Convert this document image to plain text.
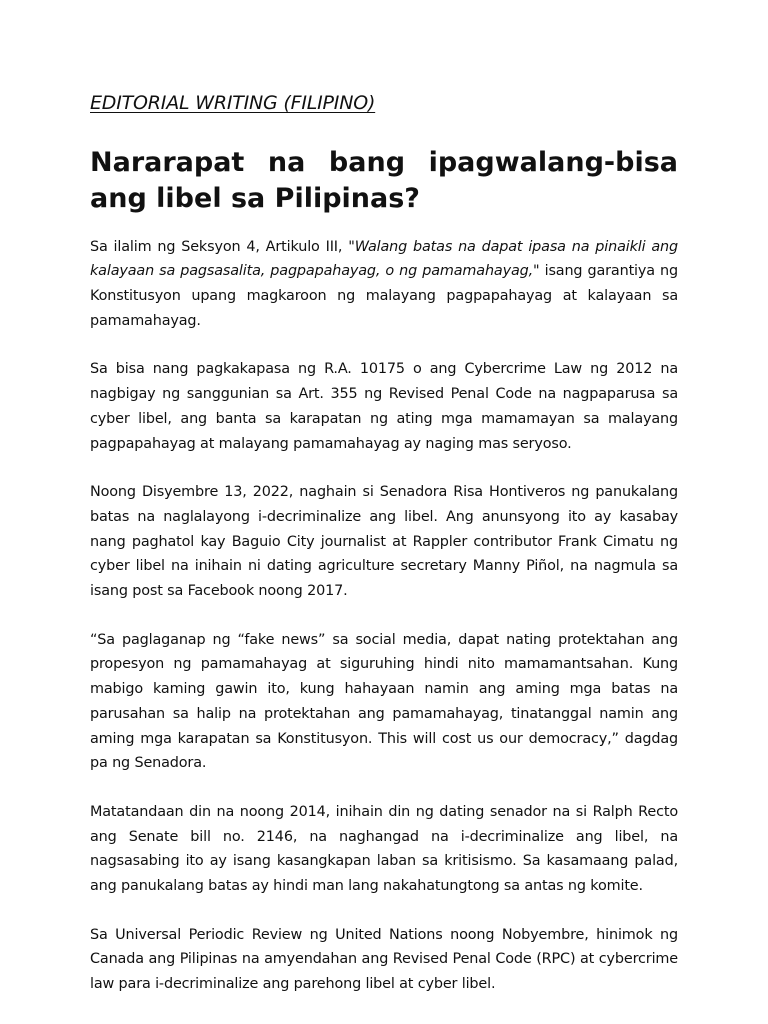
EDITORIAL WRITING (FILIPINO)
Nararapat na bang ipagwalang-bisa ang libel sa Pilipinas?

Sa ilalim ng Seksyon 4, Artikulo III, "Walang batas na dapat ipasa na pinaikli ang kalayaan sa pagsasalita, pagpapahayag, o ng pamamahayag," isang garantiya ng Konstitusyon upang magkaroon ng malayang pagpapahayag at kalayaan sa pamamahayag.

Sa bisa nang pagkakapasa ng R.A. 10175 o ang Cybercrime Law ng 2012 na nagbigay ng sanggunian sa Art. 355 ng Revised Penal Code na nagpaparusa sa cyber libel, ang banta sa karapatan ng ating mga mamamayan sa malayang pagpapahayag at malayang pamamahayag ay naging mas seryoso.

Noong Disyembre 13, 2022, naghain si Senadora Risa Hontiveros ng panukalang batas na naglalayong i-decriminalize ang libel. Ang anunsyong ito ay kasabay nang paghatol kay Baguio City journalist at Rappler contributor Frank Cimatu ng cyber libel na inihain ni dating agriculture secretary Manny Piñol, na nagmula sa isang post sa Facebook noong 2017.

“Sa paglaganap ng “fake news” sa social media, dapat nating protektahan ang propesyon ng pamamahayag at siguruhing hindi nito mamamantsahan. Kung mabigo kaming gawin ito, kung hahayaan namin ang aming mga batas na parusahan sa halip na protektahan ang pamamahayag, tinatanggal namin ang aming mga karapatan sa Konstitusyon. This will cost us our democracy,” dagdag pa ng Senadora.

Matatandaan din na noong 2014, inihain din ng dating senador na si Ralph Recto ang Senate bill no. 2146, na naghangad na i-decriminalize ang libel, na nagsasabing ito ay isang kasangkapan laban sa kritisismo. Sa kasamaang palad, ang panukalang batas ay hindi man lang nakahatungtong sa antas ng komite.

Sa Universal Periodic Review ng United Nations noong Nobyembre, hinimok ng Canada ang Pilipinas na amyendahan ang Revised Penal Code (RPC) at cybercrime law para i-decriminalize ang parehong libel at cyber libel.
